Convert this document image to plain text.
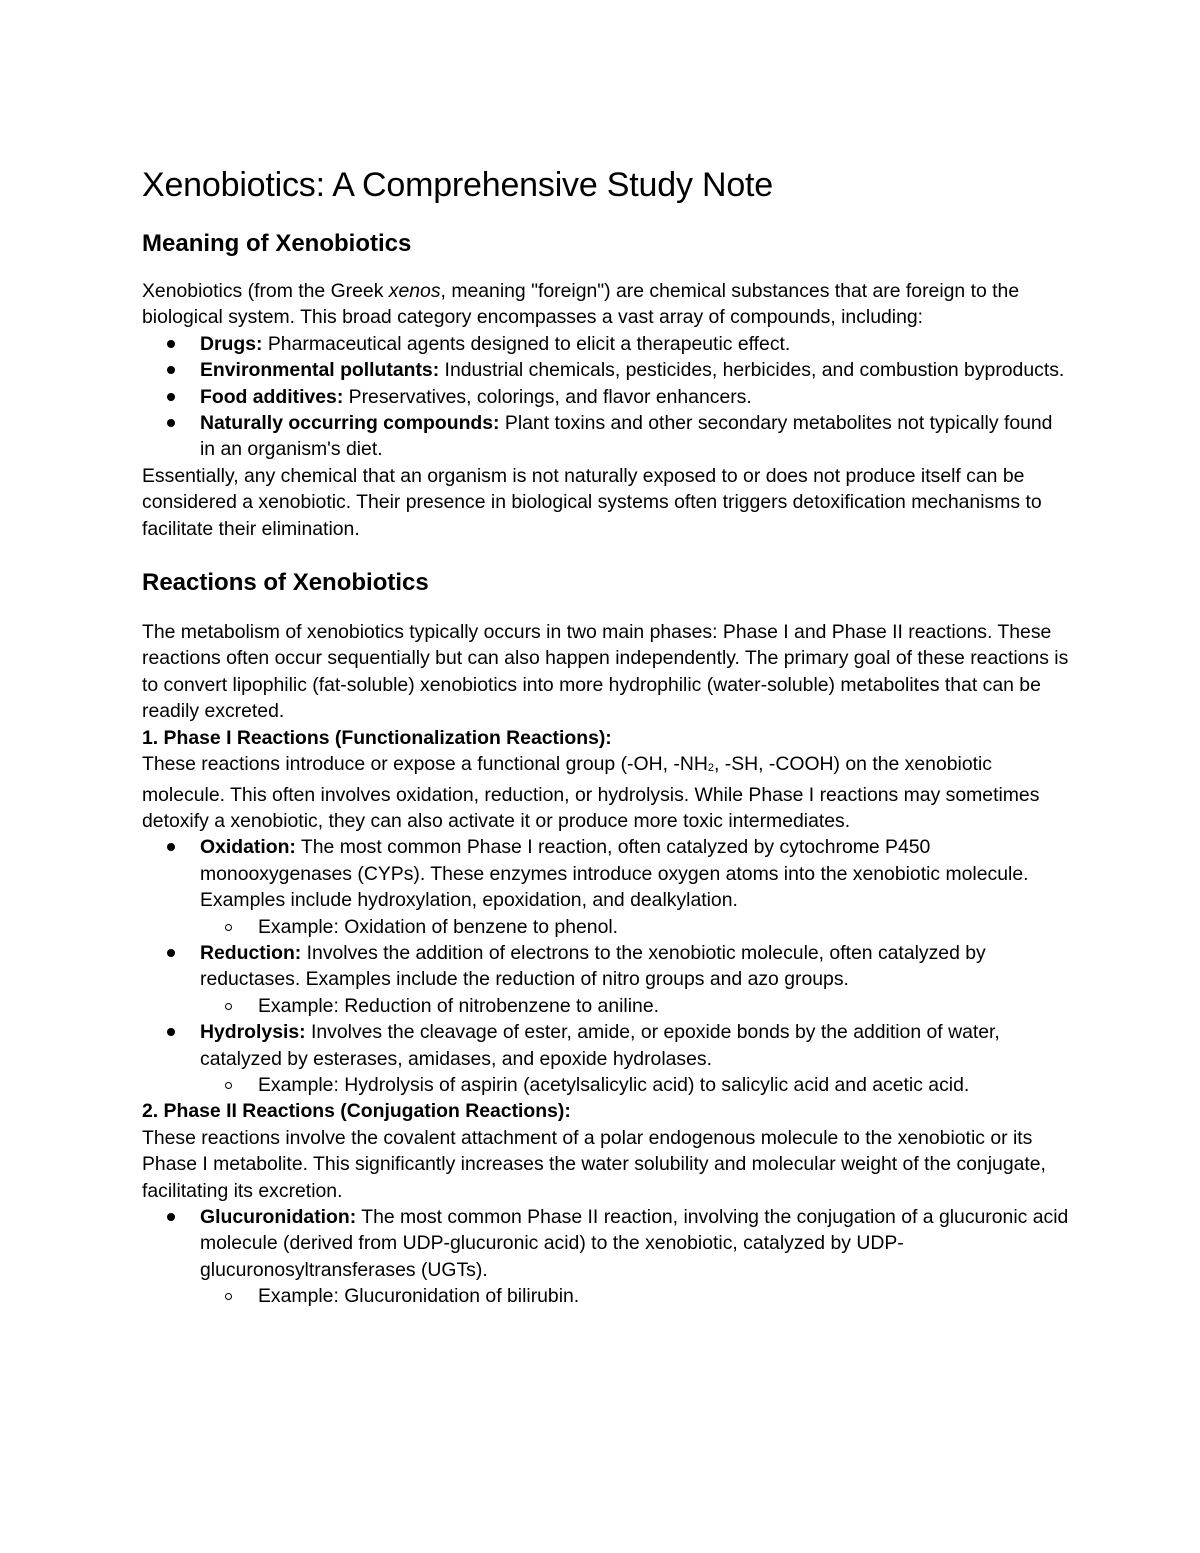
Xenobiotics: A Comprehensive Study Note
Meaning of Xenobiotics

Xenobiotics (from the Greek xenos, meaning "foreign") are chemical substances that are foreign to the biological system. This broad category encompasses a vast array of compounds, including:

Drugs: Pharmaceutical agents designed to elicit a therapeutic effect.
Environmental pollutants: Industrial chemicals, pesticides, herbicides, and combustion byproducts.
Food additives: Preservatives, colorings, and flavor enhancers.
Naturally occurring compounds: Plant toxins and other secondary metabolites not typically found in an organism's diet.

Essentially, any chemical that an organism is not naturally exposed to or does not produce itself can be considered a xenobiotic. Their presence in biological systems often triggers detoxification mechanisms to facilitate their elimination.

Reactions of Xenobiotics

The metabolism of xenobiotics typically occurs in two main phases: Phase I and Phase II reactions. These reactions often occur sequentially but can also happen independently. The primary goal of these reactions is to convert lipophilic (fat-soluble) xenobiotics into more hydrophilic (water-soluble) metabolites that can be readily excreted.

1. Phase I Reactions (Functionalization Reactions):

These reactions introduce or expose a functional group (-OH, $-NH_2$, -SH, -COOH) on the xenobiotic molecule. This often involves oxidation, reduction, or hydrolysis. While Phase I reactions may sometimes detoxify a xenobiotic, they can also activate it or produce more toxic intermediates.

Oxidation: The most common Phase I reaction, often catalyzed by cytochrome P450 monooxygenases (CYPs). These enzymes introduce oxygen atoms into the xenobiotic molecule. Examples include hydroxylation, epoxidation, and dealkylation.
Example: Oxidation of benzene to phenol.
Reduction: Involves the addition of electrons to the xenobiotic molecule, often catalyzed by reductases. Examples include the reduction of nitro groups and azo groups.
Example: Reduction of nitrobenzene to aniline.
Hydrolysis: Involves the cleavage of ester, amide, or epoxide bonds by the addition of water, catalyzed by esterases, amidases, and epoxide hydrolases.
Example: Hydrolysis of aspirin (acetylsalicylic acid) to salicylic acid and acetic acid.

2. Phase II Reactions (Conjugation Reactions):

These reactions involve the covalent attachment of a polar endogenous molecule to the xenobiotic or its Phase I metabolite. This significantly increases the water solubility and molecular weight of the conjugate, facilitating its excretion.

Glucuronidation: The most common Phase II reaction, involving the conjugation of a glucuronic acid molecule (derived from UDP-glucuronic acid) to the xenobiotic, catalyzed by UDP-glucuronosyltransferases (UGTs).
Example: Glucuronidation of bilirubin.
